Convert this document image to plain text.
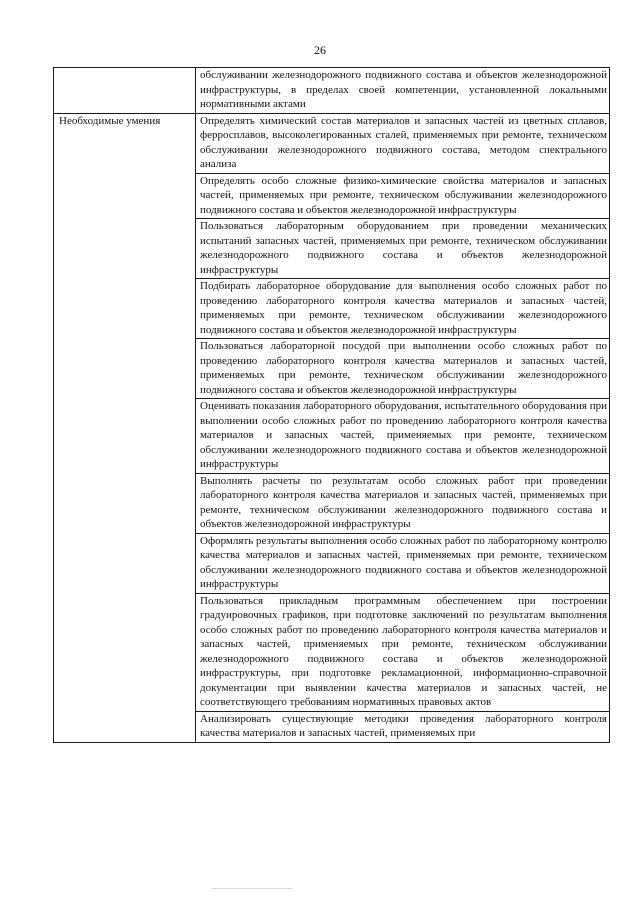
26
	обслуживании железнодорожного подвижного состава и объектов железнодорожной инфраструктуры, в пределах своей компетенции, установленной локальными нормативными актами
Необходимые умения	Определять химический состав материалов и запасных частей из цветных сплавов, ферросплавов, высоколегированных сталей, применяемых при ремонте, техническом обслуживании железнодорожного подвижного состава, методом спектрального анализа
	Определять особо сложные физико-химические свойства материалов и запасных частей, применяемых при ремонте, техническом обслуживании железнодорожного подвижного состава и объектов железнодорожной инфраструктуры
	Пользоваться лабораторным оборудованием при проведении механических испытаний запасных частей, применяемых при ремонте, техническом обслуживании железнодорожного подвижного состава и объектов железнодорожной инфраструктуры
	Подбирать лабораторное оборудование для выполнения особо сложных работ по проведению лабораторного контроля качества материалов и запасных частей, применяемых при ремонте, техническом обслуживании железнодорожного подвижного состава и объектов железнодорожной инфраструктуры
	Пользоваться лабораторной посудой при выполнении особо сложных работ по проведению лабораторного контроля качества материалов и запасных частей, применяемых при ремонте, техническом обслуживании железнодорожного подвижного состава и объектов железнодорожной инфраструктуры
	Оценивать показания лабораторного оборудования, испытательного оборудования при выполнении особо сложных работ по проведению лабораторного контроля качества материалов и запасных частей, применяемых при ремонте, техническом обслуживании железнодорожного подвижного состава и объектов железнодорожной инфраструктуры
	Выполнять расчеты по результатам особо сложных работ при проведении лабораторного контроля качества материалов и запасных частей, применяемых при ремонте, техническом обслуживании железнодорожного подвижного состава и объектов железнодорожной инфраструктуры
	Оформлять результаты выполнения особо сложных работ по лабораторному контролю качества материалов и запасных частей, применяемых при ремонте, техническом обслуживании железнодорожного подвижного состава и объектов железнодорожной инфраструктуры
	Пользоваться прикладным программным обеспечением при построении градуировочных графиков, при подготовке заключений по результатам выполнения особо сложных работ по проведению лабораторного контроля качества материалов и запасных частей, применяемых при ремонте, техническом обслуживании железнодорожного подвижного состава и объектов железнодорожной инфраструктуры, при подготовке рекламационной, информационно-справочной документации при выявлении качества материалов и запасных частей, не соответствующего требованиям нормативных правовых актов
	Анализировать существующие методики проведения лабораторного контроля качества материалов и запасных частей, применяемых при
